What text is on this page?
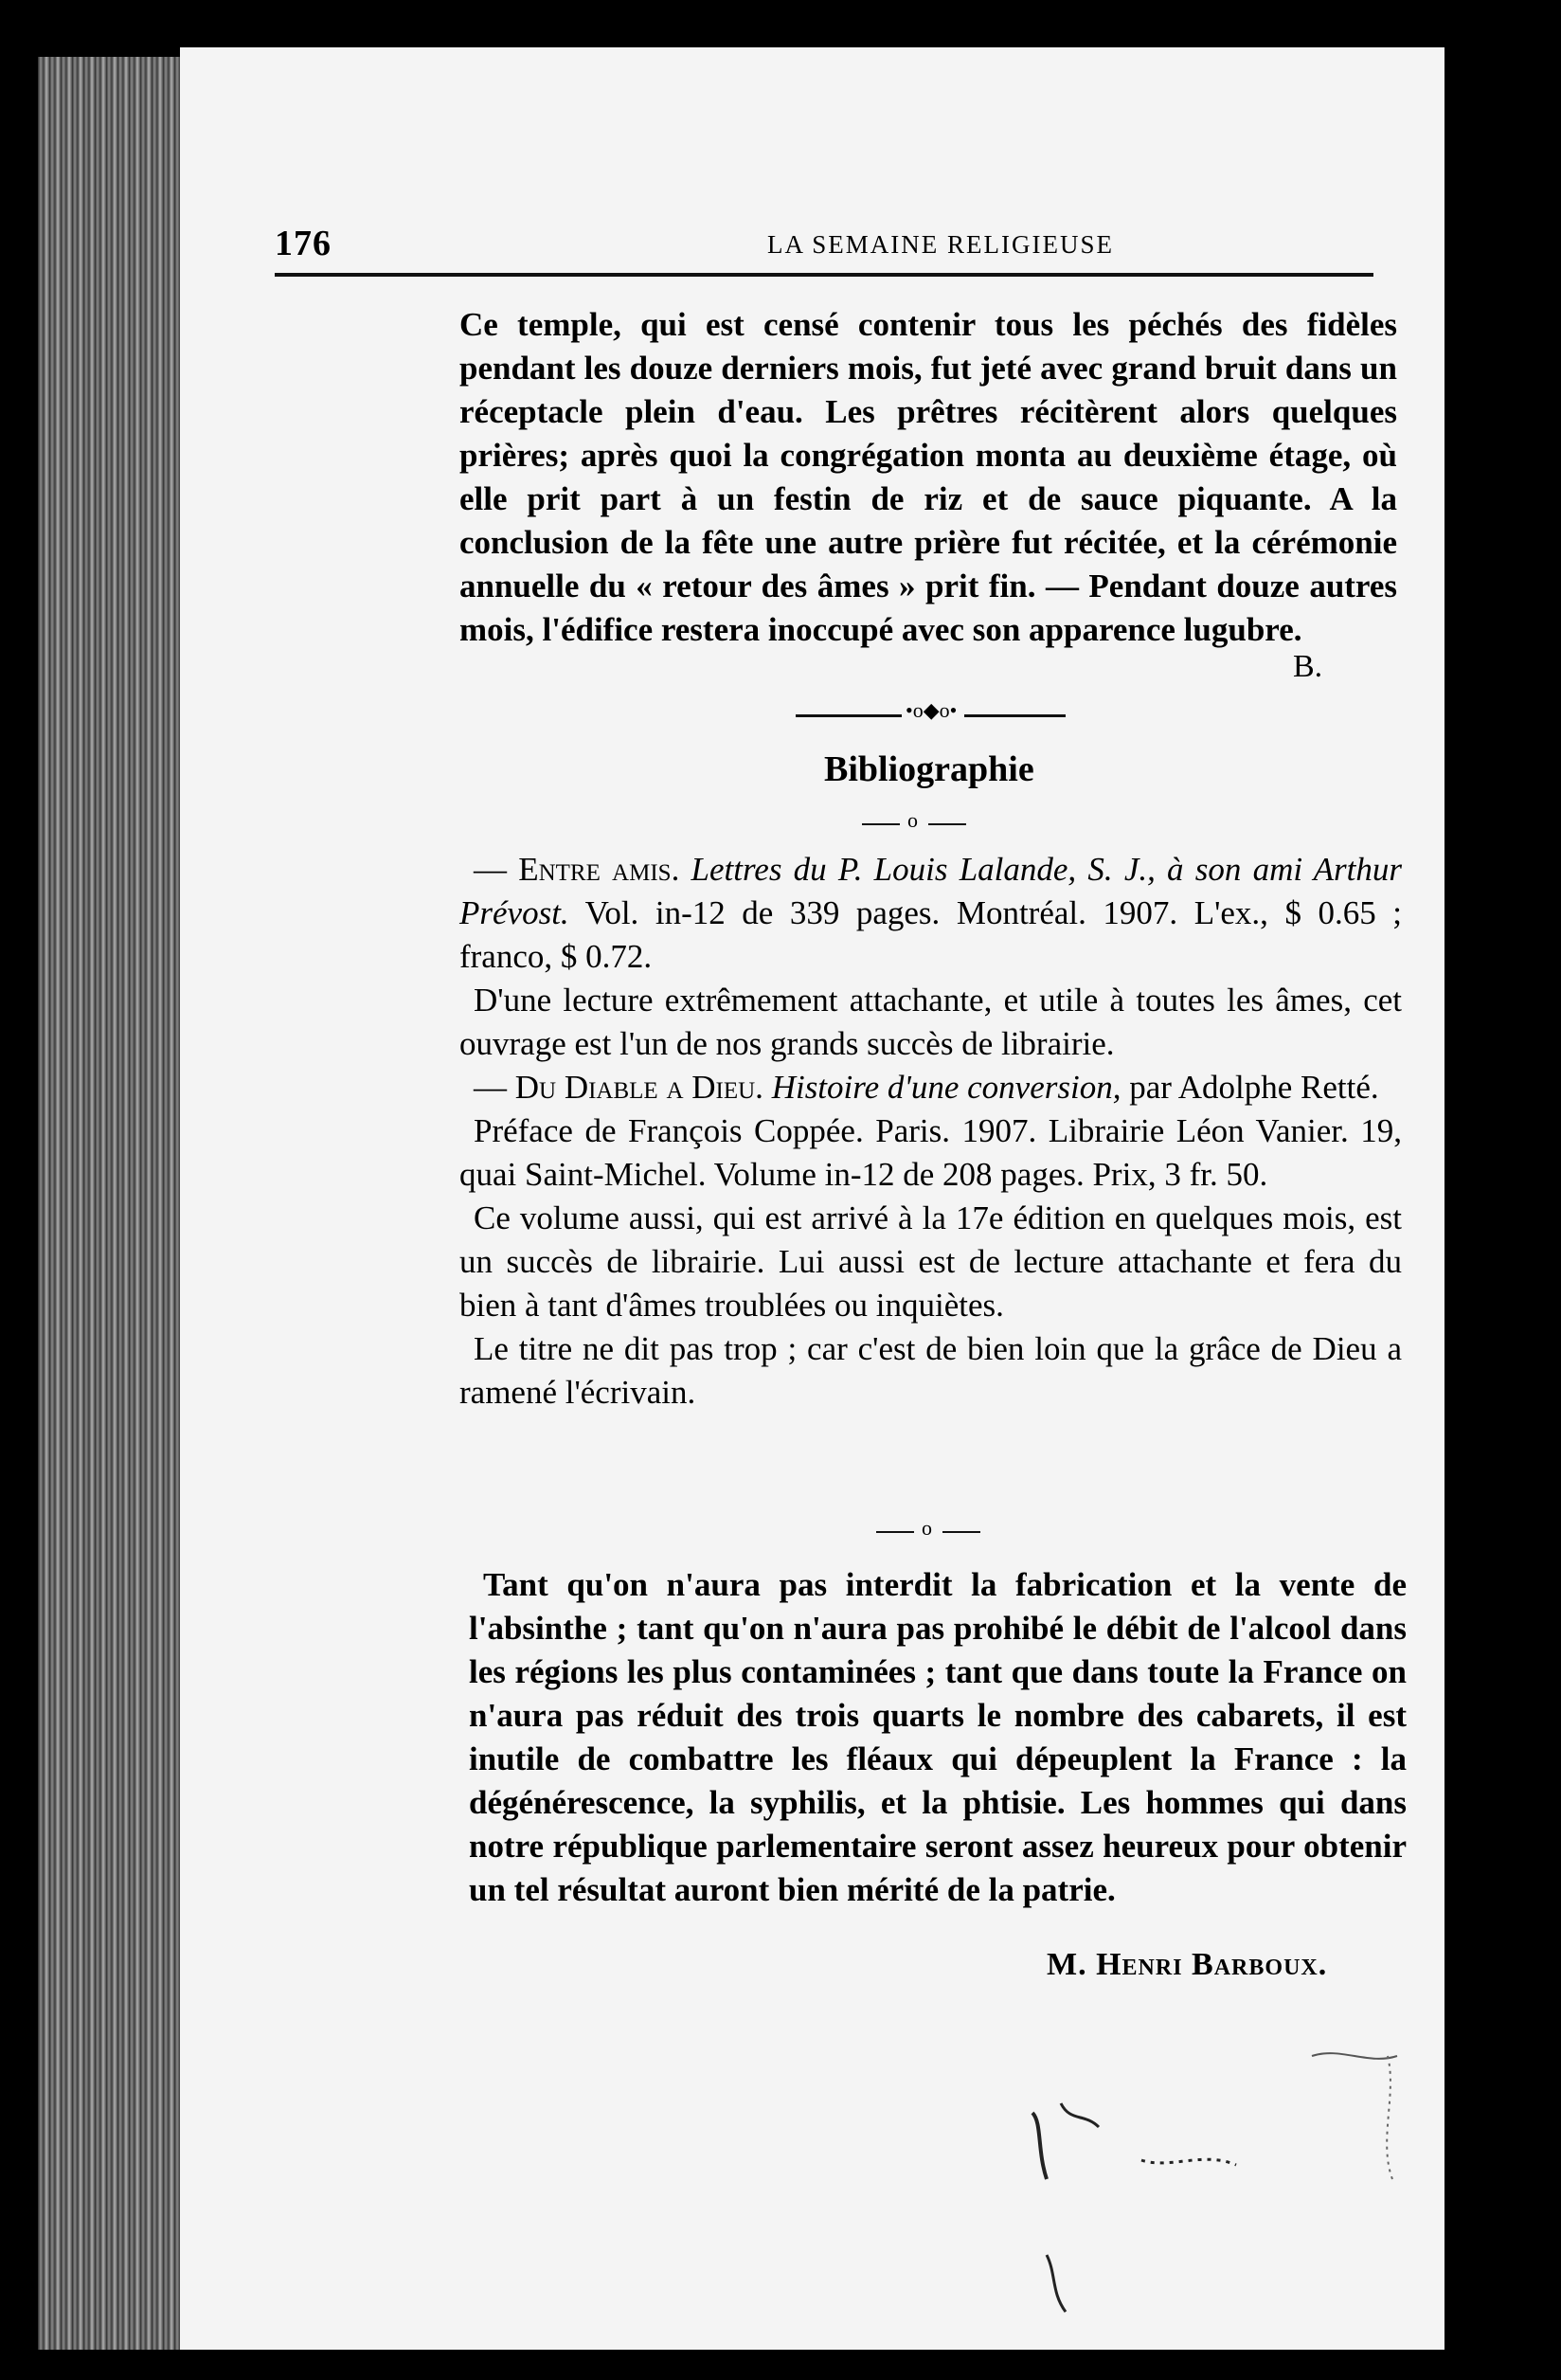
176	LA SEMAINE RELIGIEUSE
Ce temple, qui est censé contenir tous les péchés des fidèles pendant les douze derniers mois, fut jeté avec grand bruit dans un réceptacle plein d'eau. Les prêtres récitèrent alors quelques prières; après quoi la congrégation monta au deuxième étage, où elle prit part à un festin de riz et de sauce piquante. A la conclusion de la fête une autre prière fut récitée, et la cérémonie annuelle du « retour des âmes » prit fin. — Pendant douze autres mois, l'édifice restera inoccupé avec son apparence lugubre.
B.
•o◆o•
Bibliographie
o

— Entre amis. Lettres du P. Louis Lalande, S. J., à son ami Arthur Prévost. Vol. in-12 de 339 pages. Montréal. 1907. L'ex., $ 0.65 ; franco, $ 0.72.

D'une lecture extrêmement attachante, et utile à toutes les âmes, cet ouvrage est l'un de nos grands succès de librairie.

— Du Diable a Dieu. Histoire d'une conversion, par Adolphe Retté.

Préface de François Coppée. Paris. 1907. Librairie Léon Vanier. 19, quai Saint-Michel. Volume in-12 de 208 pages. Prix, 3 fr. 50.

Ce volume aussi, qui est arrivé à la 17e édition en quelques mois, est un succès de librairie. Lui aussi est de lecture attachante et fera du bien à tant d'âmes troublées ou inquiètes.

Le titre ne dit pas trop ; car c'est de bien loin que la grâce de Dieu a ramené l'écrivain.

o
Tant qu'on n'aura pas interdit la fabrication et la vente de l'absinthe ; tant qu'on n'aura pas prohibé le débit de l'alcool dans les régions les plus contaminées ; tant que dans toute la France on n'aura pas réduit des trois quarts le nombre des cabarets, il est inutile de combattre les fléaux qui dépeuplent la France : la dégénérescence, la syphilis, et la phtisie. Les hommes qui dans notre république parlementaire seront assez heureux pour obtenir un tel résultat auront bien mérité de la patrie.
M. Henri Barboux.
